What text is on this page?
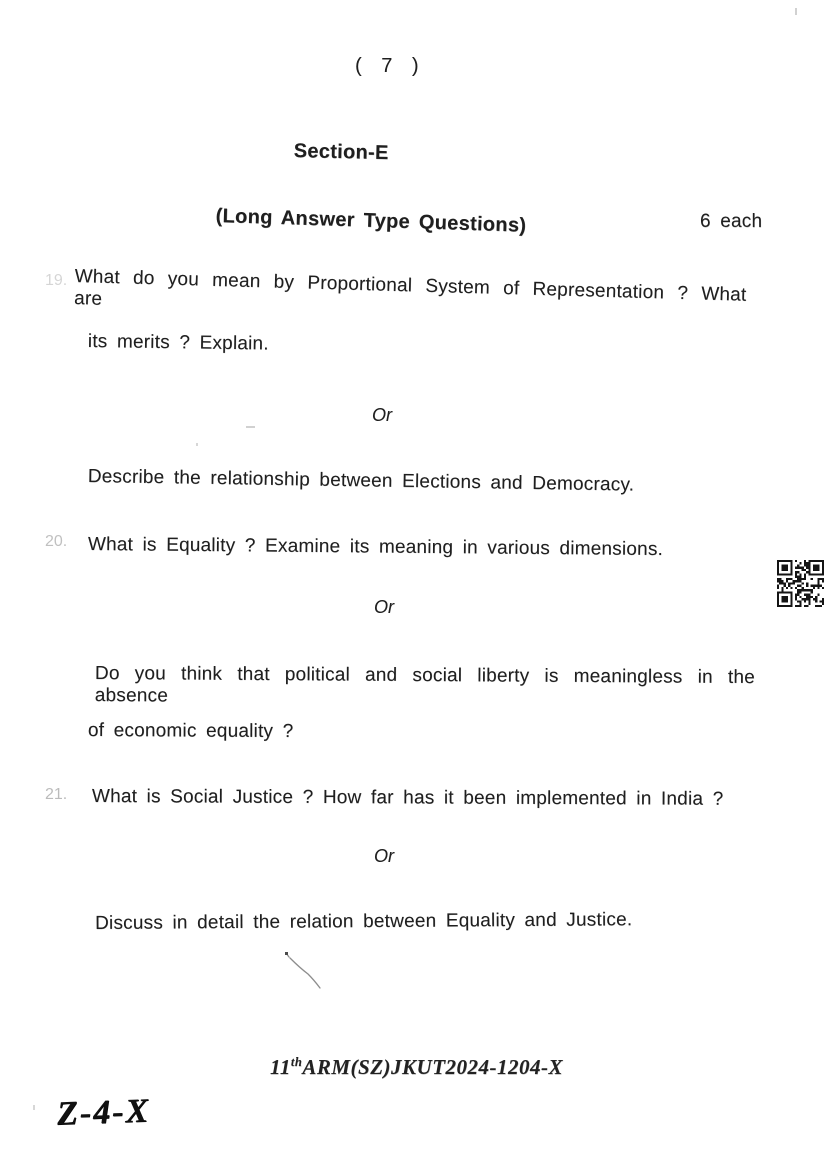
( 7 )
Section-E
(Long Answer Type Questions)	6 each
19. What do you mean by Proportional System of Representation ? What are
its merits ? Explain.
Or
Describe the relationship between Elections and Democracy.
20. What is Equality ? Examine its meaning in various dimensions.
Or
Do you think that political and social liberty is meaningless in the absence
of economic equality ?
21. What is Social Justice ? How far has it been implemented in India ?
Or
Discuss in detail the relation between Equality and Justice.
11thARM(SZ)JKUT2024-1204-X
Z-4-X
